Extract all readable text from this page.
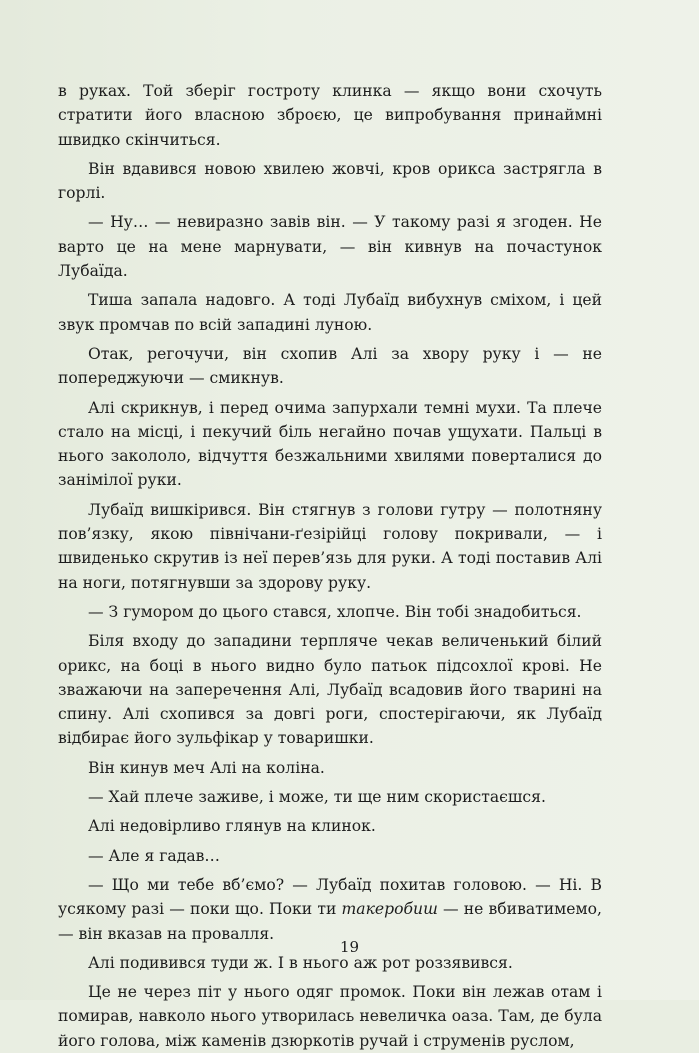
в руках. Той зберіг гостроту клинка — якщо вони схочуть стратити його власною зброєю, це випробування принаймні швидко скінчиться.

Він вдавився новою хвилею жовчі, кров орикса застрягла в горлі.

— Ну… — невиразно завів він. — У такому разі я згоден. Не варто це на мене марнувати, — він кивнув на почастунок Лубаїда.

Тиша запала надовго. А тоді Лубаїд вибухнув сміхом, і цей звук промчав по всій западині луною.

Отак, регочучи, він схопив Алі за хвору руку і — не попереджуючи — смикнув.

Алі скрикнув, і перед очима запурхали темні мухи. Та плече стало на місці, і пекучий біль негайно почав ущухати. Пальці в нього закололо, відчуття безжальними хвилями поверталися до занімілої руки.

Лубаїд вишкірився. Він стягнув з голови гутру — полотняну пов’язку, якою північани-ґезірійці голову покривали, — і швиденько скрутив із неї перев’язь для руки. А тоді поставив Алі на ноги, потягнувши за здорову руку.

— З гумором до цього стався, хлопче. Він тобі знадобиться.

Біля входу до западини терпляче чекав величенький білий орикс, на боці в нього видно було патьок підсохлої крові. Не зважаючи на заперечення Алі, Лубаїд всадовив його тварині на спину. Алі схопився за довгі роги, спостерігаючи, як Лубаїд відбирає його зульфікар у товаришки.

Він кинув меч Алі на коліна.

— Хай плече заживе, і може, ти ще ним скористаєшся.

Алі недовірливо глянув на клинок.

— Але я гадав…

— Що ми тебе вб’ємо? — Лубаїд похитав головою. — Ні. В усякому разі — поки що. Поки ти такеробиш — не вбиватимемо, — він вказав на провалля.

Алі подивився туди ж. І в нього аж рот роззявився.

Це не через піт у нього одяг промок. Поки він лежав отам і помирав, навколо нього утворилась невеличка оаза. Там, де була його голова, між каменів дзюркотів ручай і струменів руслом,

19
